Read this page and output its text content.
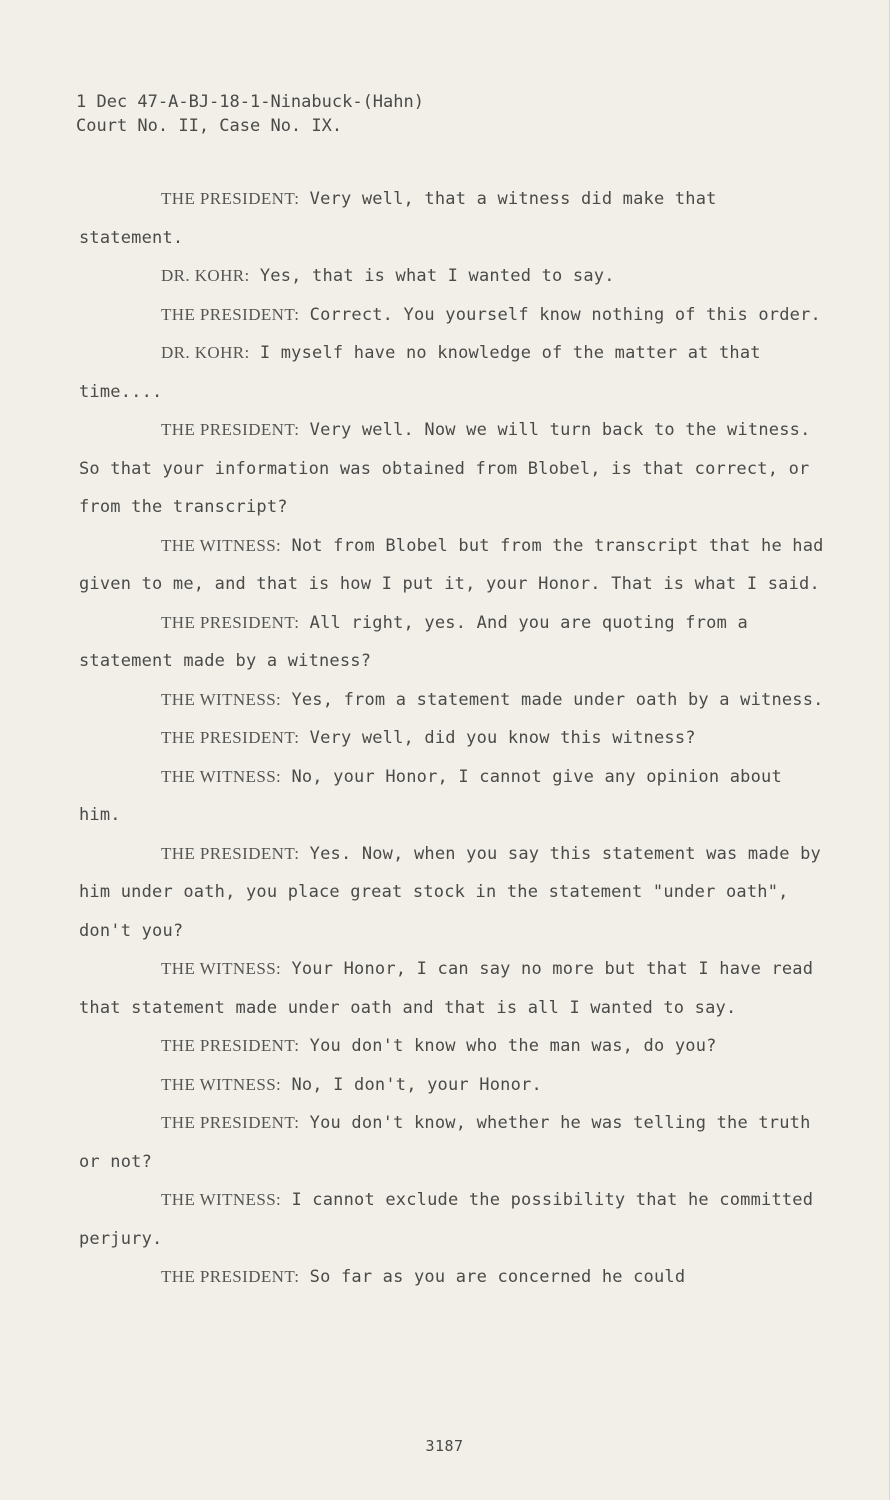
1 Dec 47-A-BJ-18-1-Ninabuck-(Hahn)
Court No. II, Case No. IX.

THE PRESIDENT: Very well, that a witness did make that statement.

DR. KOHR: Yes, that is what I wanted to say.

THE PRESIDENT: Correct. You yourself know nothing of this order.

DR. KOHR: I myself have no knowledge of the matter at that time....

THE PRESIDENT: Very well. Now we will turn back to the witness. So that your information was obtained from Blobel, is that correct, or from the transcript?

THE WITNESS: Not from Blobel but from the transcript that he had given to me, and that is how I put it, your Honor. That is what I said.

THE PRESIDENT: All right, yes. And you are quoting from a statement made by a witness?

THE WITNESS: Yes, from a statement made under oath by a witness.

THE PRESIDENT: Very well, did you know this witness?

THE WITNESS: No, your Honor, I cannot give any opinion about him.

THE PRESIDENT: Yes. Now, when you say this statement was made by him under oath, you place great stock in the statement "under oath", don't you?

THE WITNESS: Your Honor, I can say no more but that I have read that statement made under oath and that is all I wanted to say.

THE PRESIDENT: You don't know who the man was, do you?

THE WITNESS: No, I don't, your Honor.

THE PRESIDENT: You don't know, whether he was telling the truth or not?

THE WITNESS: I cannot exclude the possibility that he committed perjury.

THE PRESIDENT: So far as you are concerned he could

3187
